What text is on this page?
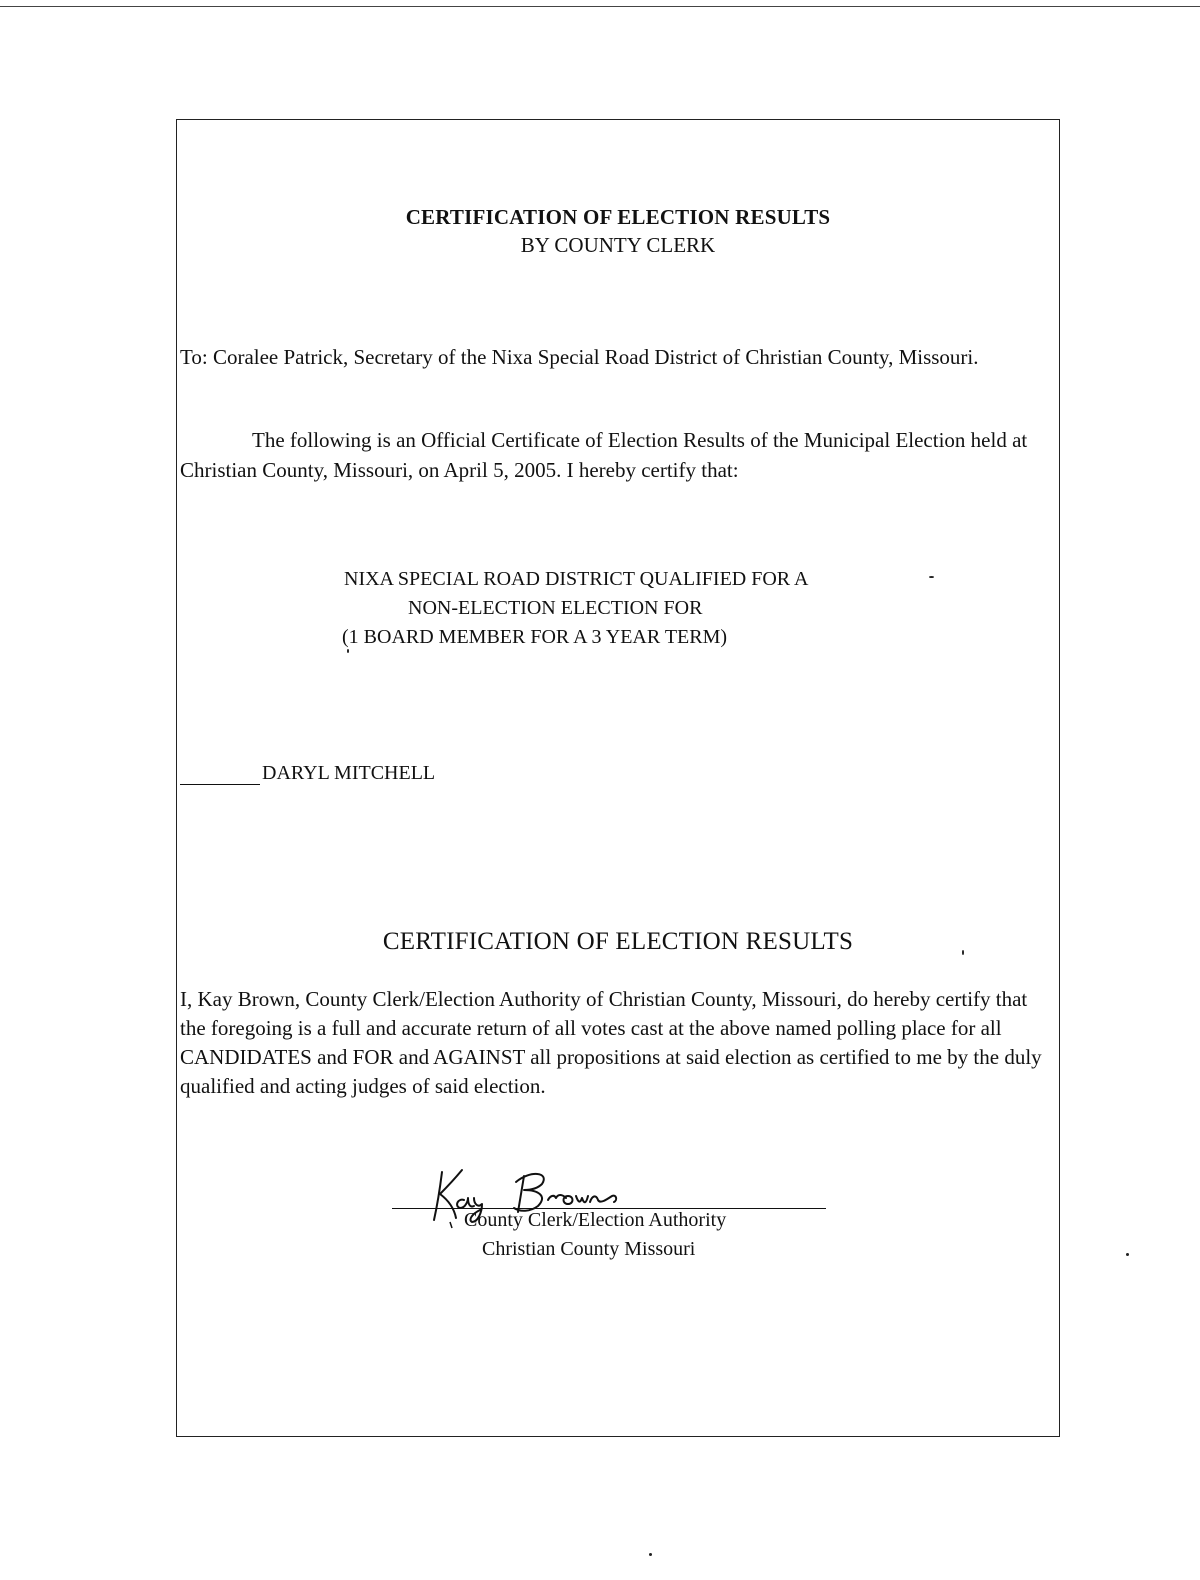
CERTIFICATION OF ELECTION RESULTS
BY COUNTY CLERK
To: Coralee Patrick, Secretary of the Nixa Special Road District of Christian County, Missouri.
The following is an Official Certificate of Election Results of the Municipal Election held at Christian County, Missouri, on April 5, 2005. I hereby certify that:
NIXA SPECIAL ROAD DISTRICT QUALIFIED FOR A
NON-ELECTION ELECTION FOR
(1 BOARD MEMBER FOR A 3 YEAR TERM)
DARYL MITCHELL
CERTIFICATION OF ELECTION RESULTS
I, Kay Brown, County Clerk/Election Authority of Christian County, Missouri, do hereby certify that the foregoing is a full and accurate return of all votes cast at the above named polling place for all CANDIDATES and FOR and AGAINST all propositions at said election as certified to me by the duly qualified and acting judges of said election.
County Clerk/Election Authority
Christian County Missouri
